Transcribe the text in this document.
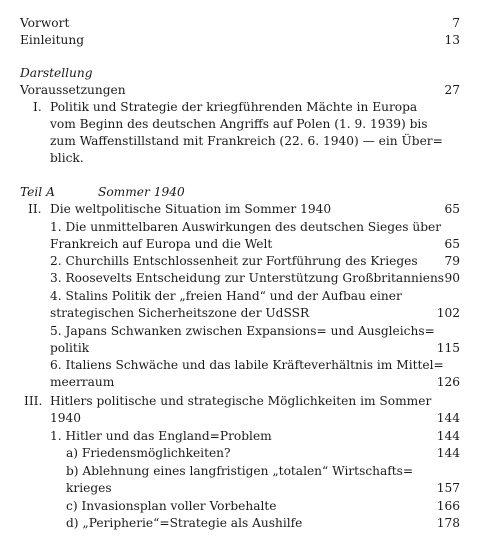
Vorwort	7
Einleitung	13
Darstellung
Voraussetzungen	27
I. Politik und Strategie der kriegführenden Mächte in Europa
vom Beginn des deutschen Angriffs auf Polen (1. 9. 1939) bis
zum Waffenstillstand mit Frankreich (22. 6. 1940) — ein Über=
blick.
Teil A	Sommer 1940
II. Die weltpolitische Situation im Sommer 1940	65
1. Die unmittelbaren Auswirkungen des deutschen Sieges über
Frankreich auf Europa und die Welt	65
2. Churchills Entschlossenheit zur Fortführung des Krieges 79
3. Roosevelts Entscheidung zur Unterstützung Großbritanniens 90
4. Stalins Politik der „freien Hand“ und der Aufbau einer
strategischen Sicherheitszone der UdSSR	102
5. Japans Schwanken zwischen Expansions= und Ausgleichs=
politik	115
6. Italiens Schwäche und das labile Kräfteverhältnis im Mittel=
meerraum	126
III. Hitlers politische und strategische Möglichkeiten im Sommer
1940	144
1. Hitler und das England=Problem	144
a) Friedensmöglichkeiten?	144
b) Ablehnung eines langfristigen „totalen“ Wirtschafts=
krieges	157
c) Invasionsplan voller Vorbehalte	166
d) „Peripherie“=Strategie als Aushilfe	178
